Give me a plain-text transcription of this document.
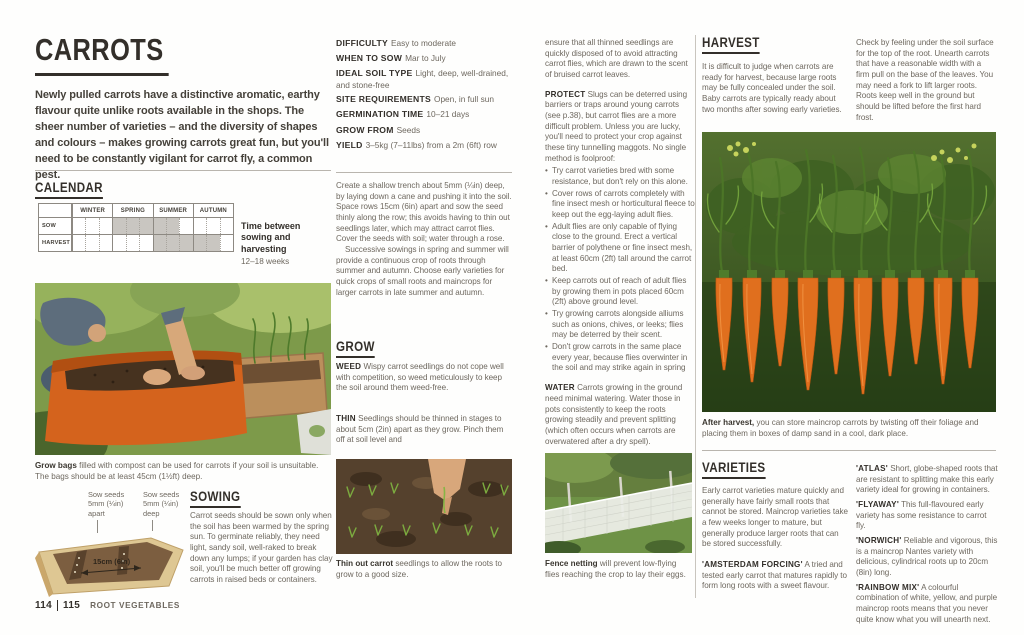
CARROTS
Newly pulled carrots have a distinctive aromatic, earthy flavour quite unlike roots available in the shops. The sheer number of varieties – and the diversity of shapes and colours – makes growing carrots great fun, but you'll need to be constantly vigilant for carrot fly, a common pest.
CALENDAR
WINTER	SPRING	SUMMER	AUTUMN
SOW
HARVEST
Time between sowing and harvesting
12–18 weeks
Grow bags filled with compost can be used for carrots if your soil is unsuitable. The bags should be at least 45cm (1½ft) deep.
Sow seeds 5mm (¼in) apart
Sow seeds 5mm (¼in) deep
15cm (6in)
SOWING
Carrot seeds should be sown only when the soil has been warmed by the spring sun. To germinate reliably, they need light, sandy soil, well-raked to break down any lumps; if your garden has clay soil, you'll be much better off growing carrots in raised beds or containers.
DIFFICULTY Easy to moderate
WHEN TO SOW Mar to July
IDEAL SOIL TYPE Light, deep, well-drained, and stone-free
SITE REQUIREMENTS Open, in full sun
GERMINATION TIME 10–21 days
GROW FROM Seeds
YIELD 3–5kg (7–11lbs) from a 2m (6ft) row

Create a shallow trench about 5mm (¼in) deep, by laying down a cane and pushing it into the soil. Space rows 15cm (6in) apart and sow the seed thinly along the row; this avoids having to thin out seedlings later, which may attract carrot flies. Cover the seeds with soil; water through a rose.

Successive sowings in spring and summer will provide a continuous crop of roots through summer and autumn. Choose early varieties for quick crops of small roots and maincrops for larger carrots in late summer and autumn.

GROW
WEED Wispy carrot seedlings do not cope well with competition, so weed meticulously to keep the soil around them weed-free.
THIN Seedlings should be thinned in stages to about 5cm (2in) apart as they grow. Pinch them off at soil level and
Thin out carrot seedlings to allow the roots to grow to a good size.

ensure that all thinned seedlings are quickly disposed of to avoid attracting carrot flies, which are drawn to the scent of bruised carrot leaves.

PROTECT Slugs can be deterred using barriers or traps around young carrots (see p.38), but carrot flies are a more difficult problem. Unless you are lucky, you'll need to protect your crop against these tiny tunnelling maggots. No single method is foolproof:

• Try carrot varieties bred with some resistance, but don't rely on this alone.
• Cover rows of carrots completely with fine insect mesh or horticultural fleece to keep out the egg-laying adult flies.
• Adult flies are only capable of flying close to the ground. Erect a vertical barrier of polythene or fine insect mesh, at least 60cm (2ft) tall around the carrot bed.
• Keep carrots out of reach of adult flies by growing them in pots placed 60cm (2ft) above ground level.
• Try growing carrots alongside alliums such as onions, chives, or leeks; flies may be deterred by their scent.
• Don't grow carrots in the same place every year, because flies overwinter in the soil and may strike again in spring

WATER Carrots growing in the ground need minimal watering. Water those in pots consistently to keep the roots growing steadily and prevent splitting (which often occurs when carrots are overwatered after a dry spell).

Fence netting will prevent low-flying flies reaching the crop to lay their eggs.
HARVEST
It is difficult to judge when carrots are ready for harvest, because large roots may be fully concealed under the soil. Baby carrots are typically ready about two months after sowing early varieties.
Check by feeling under the soil surface for the top of the root. Unearth carrots that have a reasonable width with a firm pull on the base of the leaves. You may need a fork to lift larger roots. Roots keep well in the ground but should be lifted before the first hard frost.
After harvest, you can store maincrop carrots by twisting off their foliage and placing them in boxes of damp sand in a cool, dark place.
VARIETIES

Early carrot varieties mature quickly and generally have fairly small roots that cannot be stored. Maincrop varieties take a few weeks longer to mature, but generally produce larger roots that can be stored successfully.

'AMSTERDAM FORCING' A tried and tested early carrot that matures rapidly to form long roots with a sweet flavour.

'ATLAS' Short, globe-shaped roots that are resistant to splitting make this early variety ideal for growing in containers.

'FLYAWAY' This full-flavoured early variety has some resistance to carrot fly.

'NORWICH' Reliable and vigorous, this is a maincrop Nantes variety with delicious, cylindrical roots up to 20cm (8in) long.

'RAINBOW MIX' A colourful combination of white, yellow, and purple maincrop roots means that you never quite know what you will unearth next.

114	115 ROOT VEGETABLES
